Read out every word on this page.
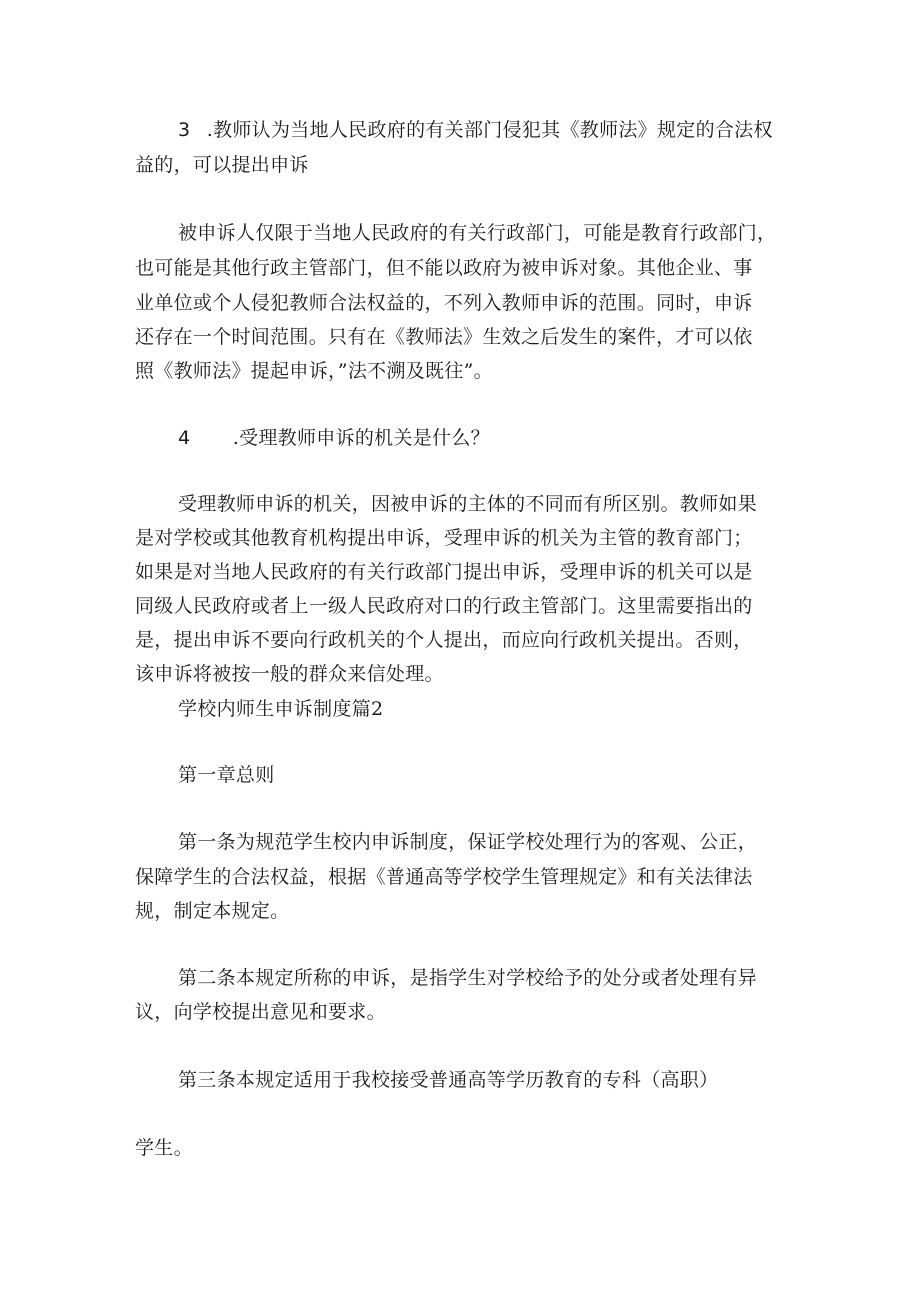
3 .教师认为当地人民政府的有关部门侵犯其《教师法》规定的合法权
益的，可以提出申诉
被申诉人仅限于当地人民政府的有关行政部门，可能是教育行政部门，
也可能是其他行政主管部门，但不能以政府为被申诉对象。其他企业、事
业单位或个人侵犯教师合法权益的，不列入教师申诉的范围。同时，申诉
还存在一个时间范围。只有在《教师法》生效之后发生的案件，才可以依
照《教师法》提起申诉，”法不溯及既往”。
4 .受理教师申诉的机关是什么？
受理教师申诉的机关，因被申诉的主体的不同而有所区别。教师如果
是对学校或其他教育机构提出申诉，受理申诉的机关为主管的教育部门；
如果是对当地人民政府的有关行政部门提出申诉，受理申诉的机关可以是
同级人民政府或者上一级人民政府对口的行政主管部门。这里需要指出的
是，提出申诉不要向行政机关的个人提出，而应向行政机关提出。否则，
该申诉将被按一般的群众来信处理。
学校内师生申诉制度篇2
第一章总则
第一条为规范学生校内申诉制度，保证学校处理行为的客观、公正，
保障学生的合法权益，根据《普通高等学校学生管理规定》和有关法律法
规，制定本规定。
第二条本规定所称的申诉，是指学生对学校给予的处分或者处理有异
议，向学校提出意见和要求。
第三条本规定适用于我校接受普通高等学历教育的专科（高职）
学生。
